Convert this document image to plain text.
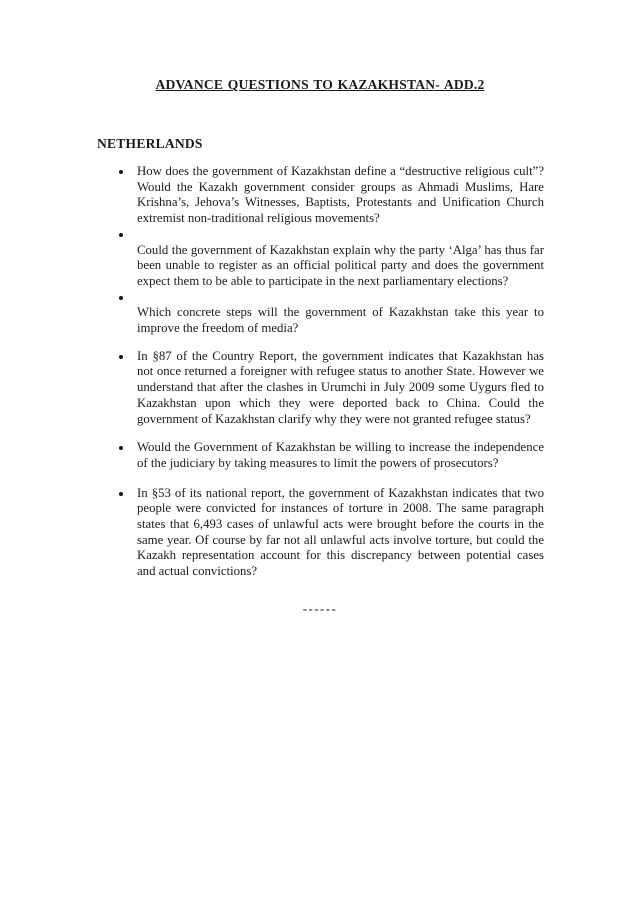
ADVANCE QUESTIONS TO KAZAKHSTAN- ADD.2
NETHERLANDS

How does the government of Kazakhstan define a “destructive religious cult”? Would the Kazakh government consider groups as Ahmadi Muslims, Hare Krishna’s, Jehova’s Witnesses, Baptists, Protestants and Unification Church extremist non-traditional religious movements?

Could the government of Kazakhstan explain why the party ‘Alga’ has thus far been unable to register as an official political party and does the government expect them to be able to participate in the next parliamentary elections?

Which concrete steps will the government of Kazakhstan take this year to improve the freedom of media?

In §87 of the Country Report, the government indicates that Kazakhstan has not once returned a foreigner with refugee status to another State. However we understand that after the clashes in Urumchi in July 2009 some Uygurs fled to Kazakhstan upon which they were deported back to China. Could the government of Kazakhstan clarify why they were not granted refugee status?

Would the Government of Kazakhstan be willing to increase the independence of the judiciary by taking measures to limit the powers of prosecutors?

In §53 of its national report, the government of Kazakhstan indicates that two people were convicted for instances of torture in 2008. The same paragraph states that 6,493 cases of unlawful acts were brought before the courts in the same year. Of course by far not all unlawful acts involve torture, but could the Kazakh representation account for this discrepancy between potential cases and actual convictions?

------
